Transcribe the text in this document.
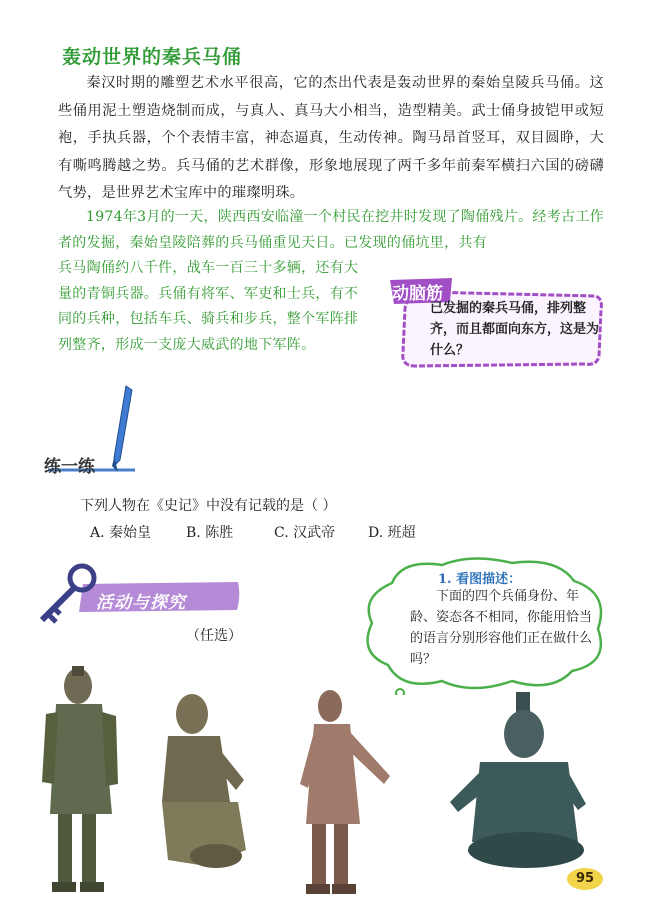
轰动世界的秦兵马俑
秦汉时期的雕塑艺术水平很高，它的杰出代表是轰动世界的秦始皇陵兵马俑。这些俑用泥土塑造烧制而成，与真人、真马大小相当，造型精美。武士俑身披铠甲或短袍，手执兵器，个个表情丰富，神态逼真，生动传神。陶马昂首竖耳，双目圆睁，大有嘶鸣腾越之势。兵马俑的艺术群像，形象地展现了两千多年前秦军横扫六国的磅礴气势，是世界艺术宝库中的璀璨明珠。
1974年3月的一天，陕西西安临潼一个村民在挖井时发现了陶俑残片。经考古工作者的发掘，秦始皇陵陪葬的兵马俑重见天日。已发现的俑坑里，共有
兵马陶俑约八千件，战车一百三十多辆，还有大量的青铜兵器。兵俑有将军、军吏和士兵，有不同的兵种，包括车兵、骑兵和步兵，整个军阵排列整齐，形成一支庞大威武的地下军阵。
动脑筋
已发掘的秦兵马俑，排列整齐，而且都面向东方，这是为什么？
练一练
下列人物在《史记》中没有记载的是（ ）
A. 秦始皇	B. 陈胜	C. 汉武帝	D. 班超
活动与探究
（任选）
1. 看图描述：
下面的四个兵俑身份、年龄、姿态各不相同，你能用恰当的语言分别形容他们正在做什么吗？
95
